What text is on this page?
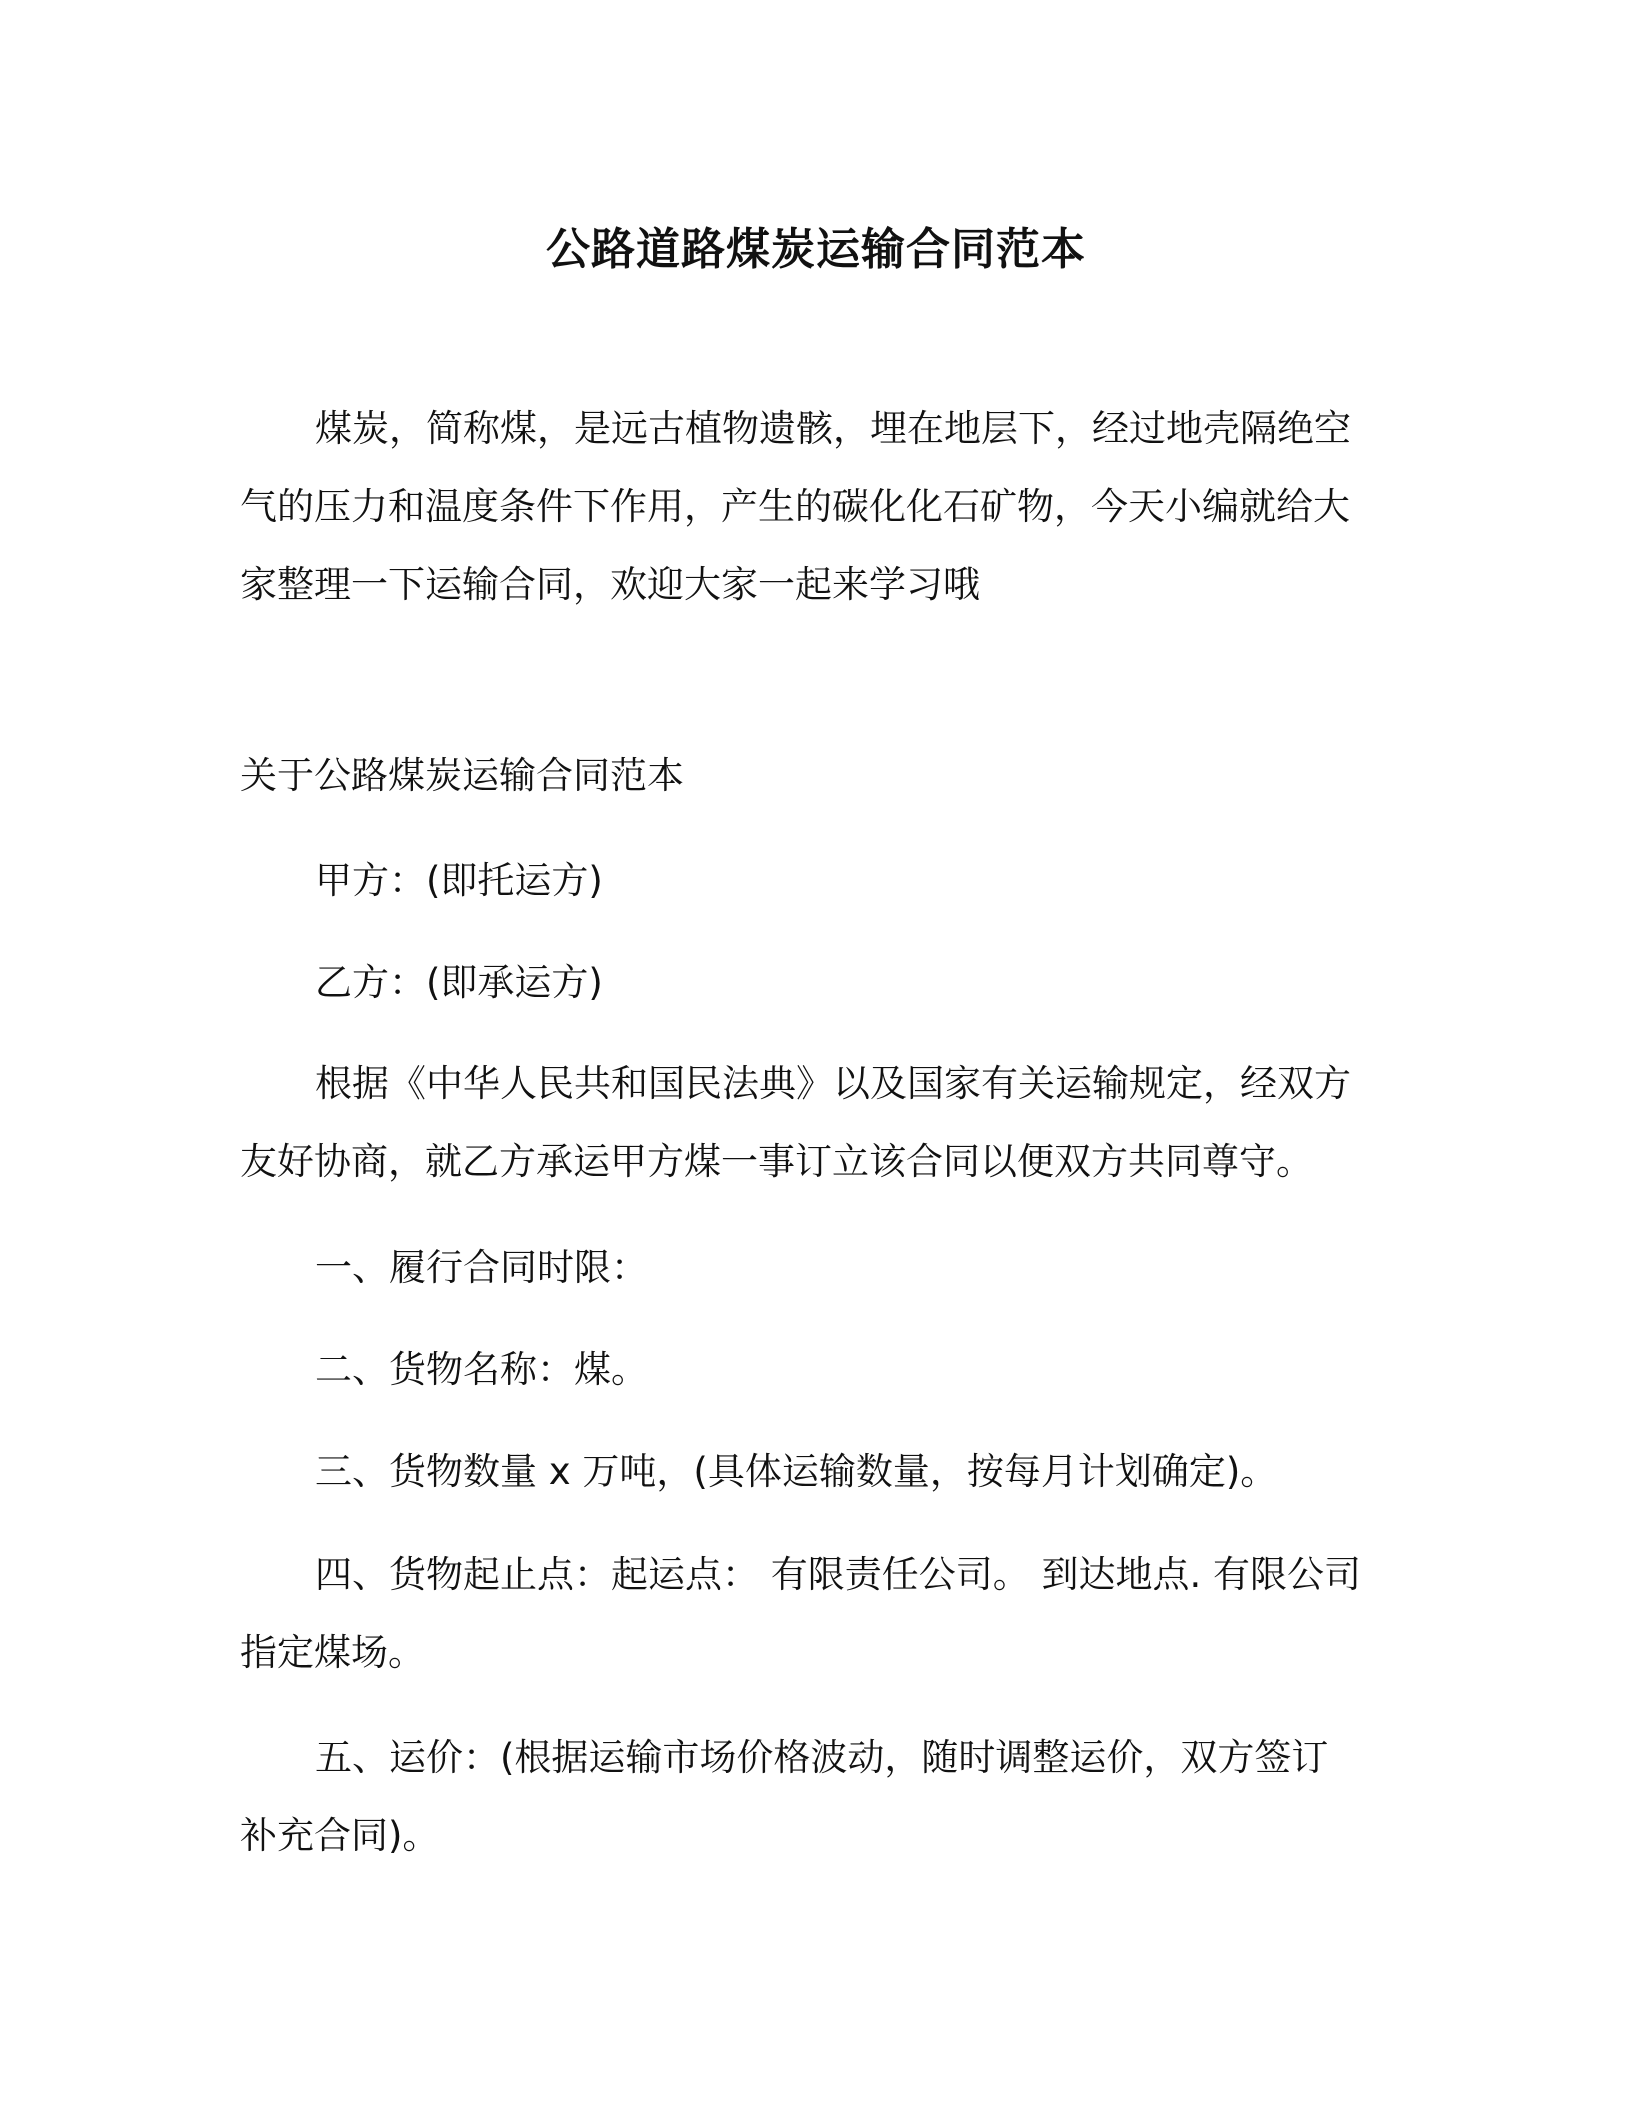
公路道路煤炭运输合同范本

煤炭，简称煤，是远古植物遗骸，埋在地层下，经过地壳隔绝空气的压力和温度条件下作用，产生的碳化化石矿物，今天小编就给大家整理一下运输合同，欢迎大家一起来学习哦

关于公路煤炭运输合同范本

甲方：(即托运方)

乙方：(即承运方)

根据《中华人民共和国民法典》以及国家有关运输规定，经双方友好协商，就乙方承运甲方煤一事订立该合同以便双方共同尊守。

一、履行合同时限：

二、货物名称：煤。

三、货物数量 x 万吨，(具体运输数量，按每月计划确定)。

四、货物起止点：起运点： 有限责任公司。 到达地点. 有限公司指定煤场。

五、运价：(根据运输市场价格波动，随时调整运价，双方签订补充合同)。
